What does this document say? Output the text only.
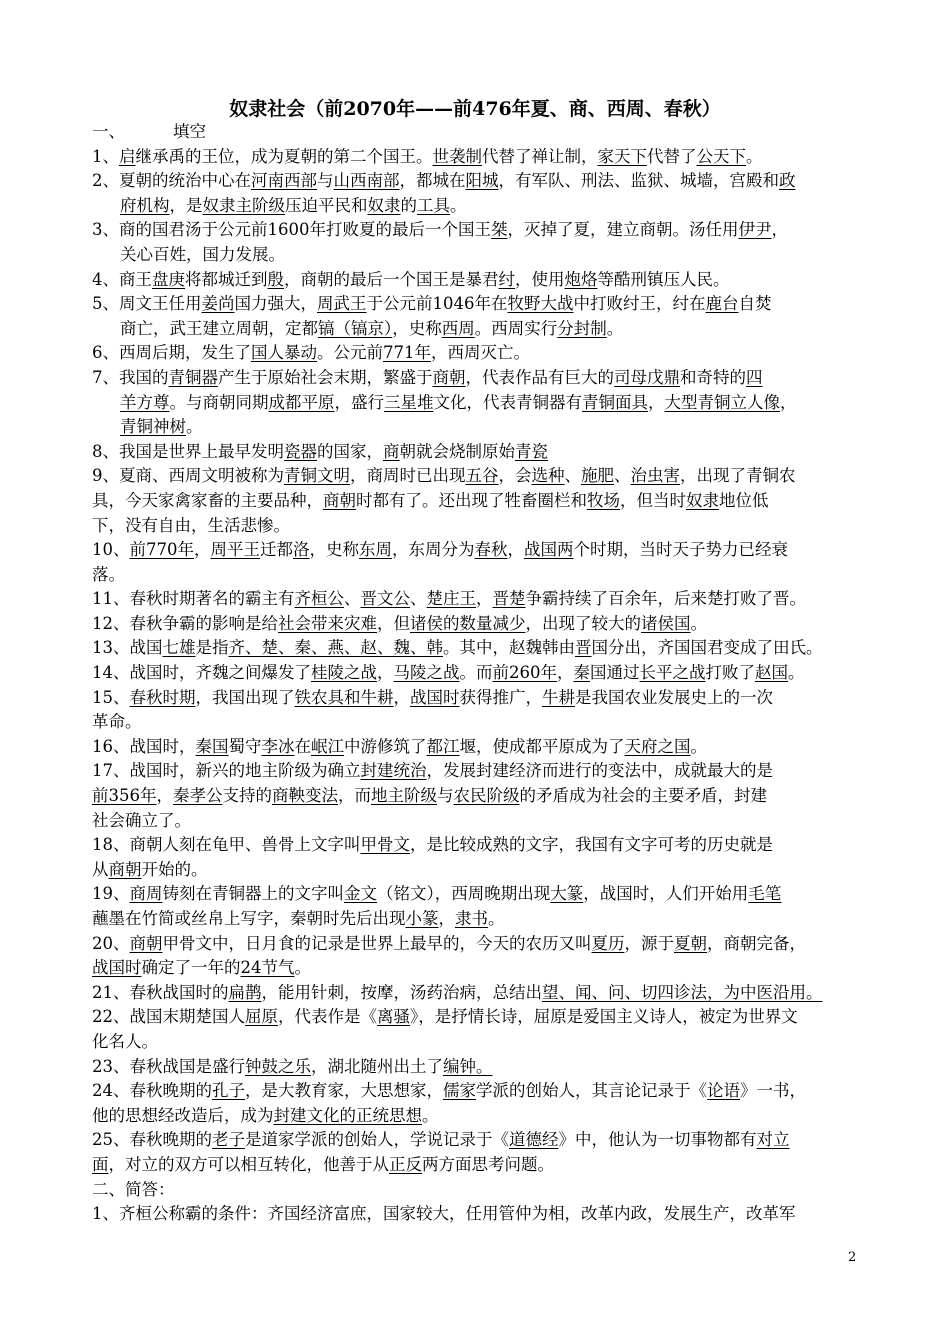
奴隶社会（前2070年——前476年夏、商、西周、春秋）
一、	填空
1、启继承禹的王位，成为夏朝的第二个国王。世袭制代替了禅让制，家天下代替了公天下。
2、夏朝的统治中心在河南西部与山西南部，都城在阳城，有军队、刑法、监狱、城墙，宫殿和政
府机构，是奴隶主阶级压迫平民和奴隶的工具。
3、商的国君汤于公元前1600年打败夏的最后一个国王桀，灭掉了夏，建立商朝。汤任用伊尹，
关心百姓，国力发展。
4、商王盘庚将都城迁到殷，商朝的最后一个国王是暴君纣，使用炮烙等酷刑镇压人民。
5、周文王任用姜尚国力强大，周武王于公元前1046年在牧野大战中打败纣王，纣在鹿台自焚
商亡，武王建立周朝，定都镐（镐京），史称西周。西周实行分封制。
6、西周后期，发生了国人暴动。公元前771年，西周灭亡。
7、我国的青铜器产生于原始社会末期，繁盛于商朝，代表作品有巨大的司母戊鼎和奇特的四
羊方尊。与商朝同期成都平原，盛行三星堆文化，代表青铜器有青铜面具，大型青铜立人像，
青铜神树。
8、我国是世界上最早发明瓷器的国家，商朝就会烧制原始青瓷
9、夏商、西周文明被称为青铜文明，商周时已出现五谷，会选种、施肥、治虫害，出现了青铜农
具，今天家禽家畜的主要品种，商朝时都有了。还出现了牲畜圈栏和牧场，但当时奴隶地位低
下，没有自由，生活悲惨。
10、前770年，周平王迁都洛，史称东周，东周分为春秋，战国两个时期，当时天子势力已经衰
落。
11、春秋时期著名的霸主有齐桓公、晋文公、楚庄王，晋楚争霸持续了百余年，后来楚打败了晋。
12、春秋争霸的影响是给社会带来灾难，但诸侯的数量减少，出现了较大的诸侯国。
13、战国七雄是指齐、楚、秦、燕、赵、魏、韩。其中，赵魏韩由晋国分出，齐国国君变成了田氏。
14、战国时，齐魏之间爆发了桂陵之战，马陵之战。而前260年，秦国通过长平之战打败了赵国。
15、春秋时期，我国出现了铁农具和牛耕，战国时获得推广，牛耕是我国农业发展史上的一次
革命。
16、战国时，秦国蜀守李冰在岷江中游修筑了都江堰，使成都平原成为了天府之国。
17、战国时，新兴的地主阶级为确立封建统治，发展封建经济而进行的变法中，成就最大的是
前356年，秦孝公支持的商鞅变法，而地主阶级与农民阶级的矛盾成为社会的主要矛盾，封建
社会确立了。
18、商朝人刻在龟甲、兽骨上文字叫甲骨文，是比较成熟的文字，我国有文字可考的历史就是
从商朝开始的。
19、商周铸刻在青铜器上的文字叫金文（铭文），西周晚期出现大篆，战国时，人们开始用毛笔
蘸墨在竹简或丝帛上写字，秦朝时先后出现小篆，隶书。
20、商朝甲骨文中，日月食的记录是世界上最早的，今天的农历又叫夏历，源于夏朝，商朝完备，
战国时确定了一年的24节气。
21、春秋战国时的扁鹊，能用针刺，按摩，汤药治病，总结出望、闻、问、切四诊法，为中医沿用。
22、战国末期楚国人屈原，代表作是《离骚》，是抒情长诗，屈原是爱国主义诗人，被定为世界文
化名人。
23、春秋战国是盛行钟鼓之乐，湖北随州出土了编钟。
24、春秋晚期的孔子，是大教育家，大思想家，儒家学派的创始人，其言论记录于《论语》一书，
他的思想经改造后，成为封建文化的正统思想。
25、春秋晚期的老子是道家学派的创始人，学说记录于《道德经》中，他认为一切事物都有对立
面，对立的双方可以相互转化，他善于从正反两方面思考问题。
二、简答：
1、齐桓公称霸的条件：齐国经济富庶，国家较大，任用管仲为相，改革内政，发展生产，改革军
2
